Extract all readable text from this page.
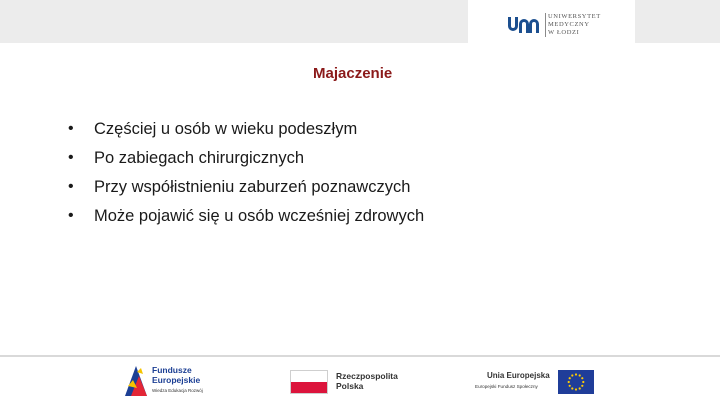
UNIWERSYTET
MEDYCZNY
W ŁODZI
Majaczenie
• Częściej u osób w wieku podeszłym
• Po zabiegach chirurgicznych
• Przy współistnieniu zaburzeń poznawczych
• Może pojawić się u osób wcześniej zdrowych
Fundusze
Europejskie
Wiedza Edukacja Rozwój
Rzeczpospolita
Polska
Unia Europejska
Europejski Fundusz Społeczny
